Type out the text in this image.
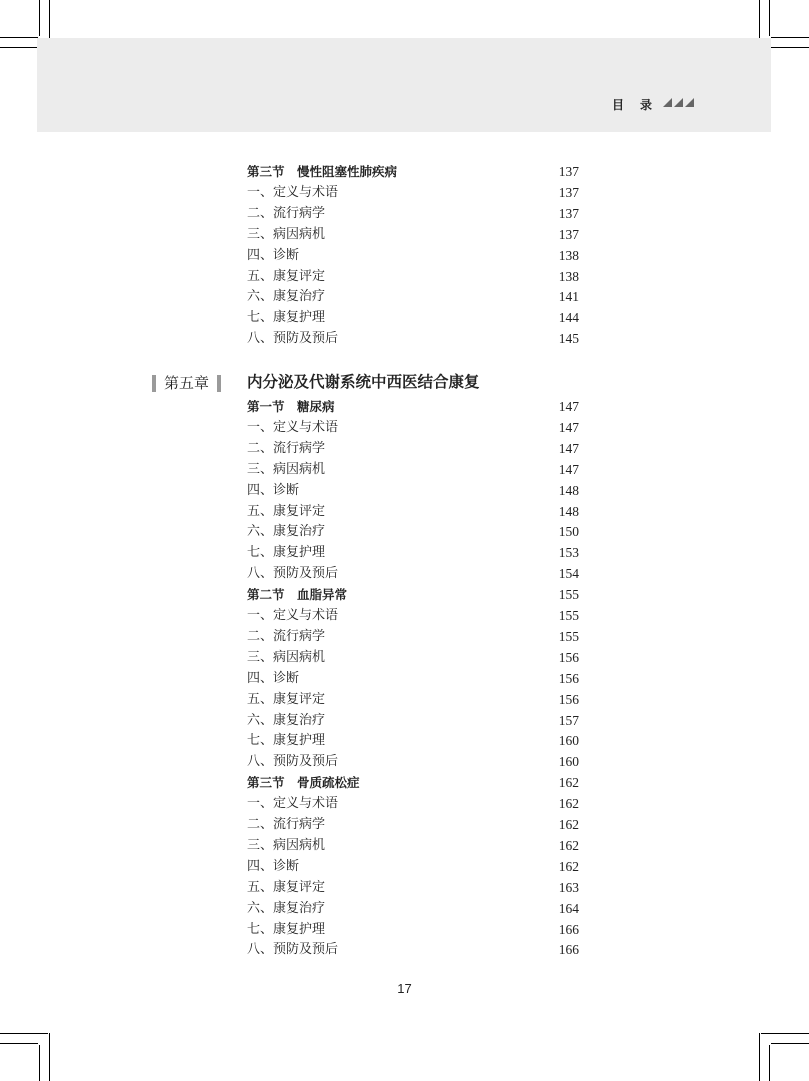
目 录
第三节　慢性阻塞性肺疾病	137
一、定义与术语	137
二、流行病学	137
三、病因病机	137
四、诊断	138
五、康复评定	138
六、康复治疗	141
七、康复护理	144
八、预防及预后	145
第五章	内分泌及代谢系统中西医结合康复
第一节　糖尿病	147
一、定义与术语	147
二、流行病学	147
三、病因病机	147
四、诊断	148
五、康复评定	148
六、康复治疗	150
七、康复护理	153
八、预防及预后	154
第二节　血脂异常	155
一、定义与术语	155
二、流行病学	155
三、病因病机	156
四、诊断	156
五、康复评定	156
六、康复治疗	157
七、康复护理	160
八、预防及预后	160
第三节　骨质疏松症	162
一、定义与术语	162
二、流行病学	162
三、病因病机	162
四、诊断	162
五、康复评定	163
六、康复治疗	164
七、康复护理	166
八、预防及预后	166
17
